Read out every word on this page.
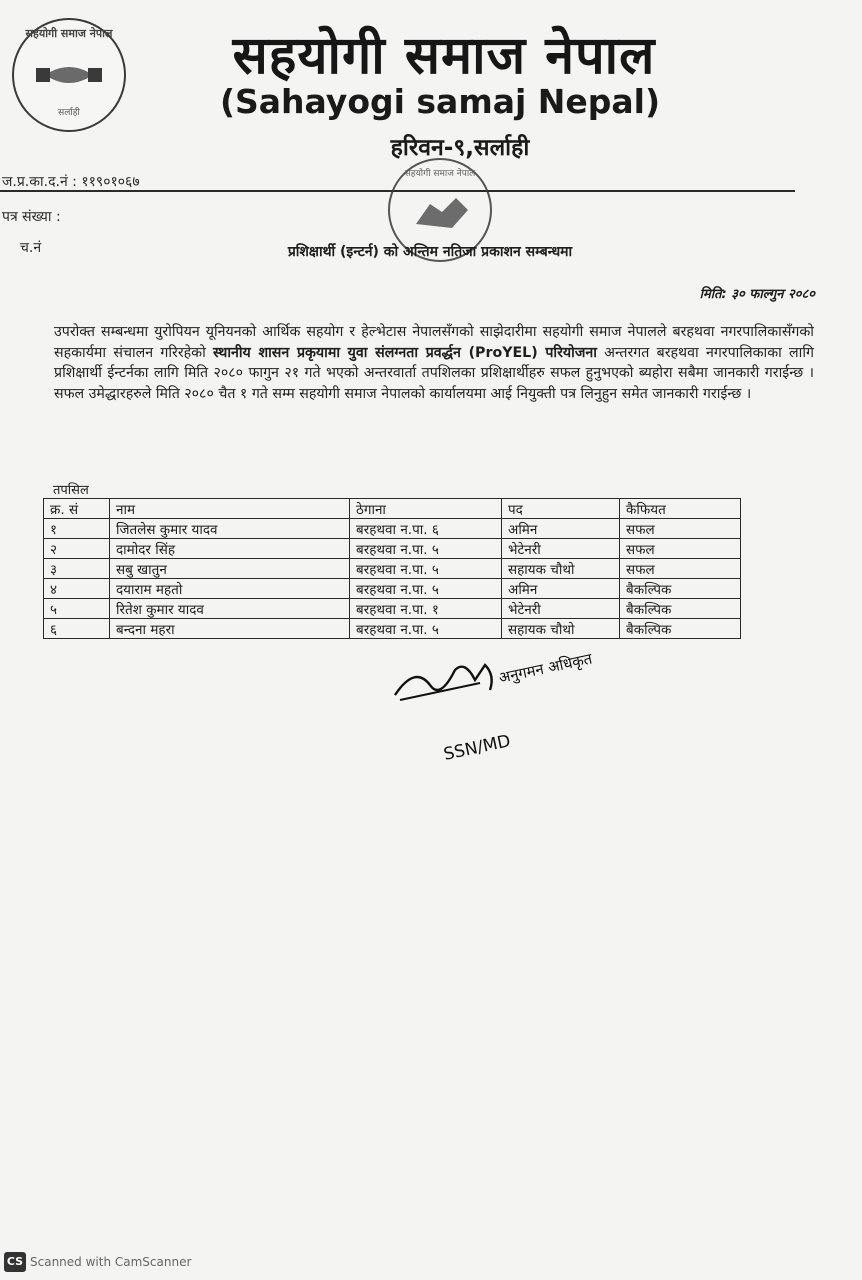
सहयोगी समाज नेपाल
सर्लाही
सहयोगी समाज नेपाल
(Sahayogi samaj Nepal)
हरिवन-९,सर्लाही
ज.प्र.का.द.नं : ११९०१०६७
पत्र संख्या :
च.नं
सहयोगी समाज नेपाल
प्रशिक्षार्थी (इन्टर्न) को अन्तिम नतिजा प्रकाशन सम्बन्धमा
मिति: ३० फाल्गुन २०८०
उपरोक्त सम्बन्धमा युरोपियन यूनियनको आर्थिक सहयोग र हेल्भेटास नेपालसँगको साझेदारीमा सहयोगी समाज नेपालले बरहथवा नगरपालिकासँगको सहकार्यमा संचालन गरिरहेको स्थानीय शासन प्रकृयामा युवा संलग्नता प्रवर्द्धन (ProYEL) परियोजना अन्तरगत बरहथवा नगरपालिकाका लागि प्रशिक्षार्थी ईन्टर्नका लागि मिति २०८० फागुन २१ गते भएको अन्तरवार्ता तपशिलका प्रशिक्षार्थीहरु सफल हुनुभएको ब्यहोरा सबैमा जानकारी गराईन्छ । सफल उमेद्धारहरुले मिति २०८० चैत १ गते सम्म सहयोगी समाज नेपालको कार्यालयमा आई नियुक्ती पत्र लिनुहुन समेत जानकारी गराईन्छ ।
तपसिल
क्र. सं	नाम	ठेगाना	पद	कैफियत
१	जितलेस कुमार यादव	बरहथवा न.पा. ६	अमिन	सफल
२	दामोदर सिंह	बरहथवा न.पा. ५	भेटेनरी	सफल
३	सबु खातुन	बरहथवा न.पा. ५	सहायक चौथो	सफल
४	दयाराम महतो	बरहथवा न.पा. ५	अमिन	बैकल्पिक
५	रितेश कुमार यादव	बरहथवा न.पा. १	भेटेनरी	बैकल्पिक
६	बन्दना महरा	बरहथवा न.पा. ५	सहायक चौथो	बैकल्पिक
अनुगमन अधिकृत
SSN/MD
CS Scanned with CamScanner
